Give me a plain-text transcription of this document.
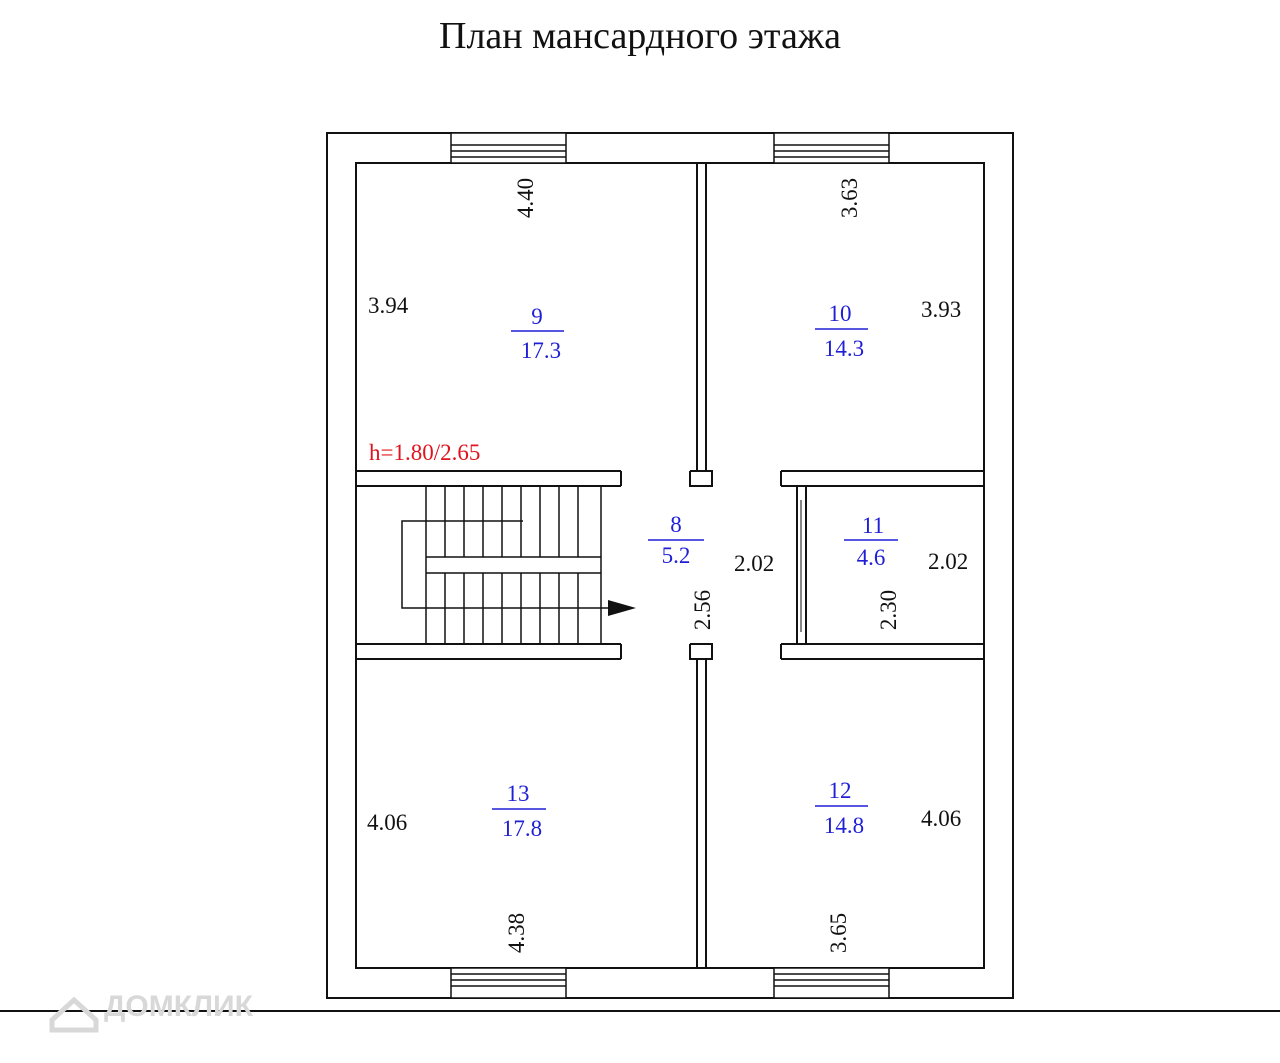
План мансардного этажа
9
17.3
10
14.3
8
5.2
11
4.6
13
17.8
12
14.8
h=1.80/2.65
3.94
4.40	3.63
3.93
2.02
2.56
2.02
2.30
4.06
4.38
4.06
3.65
ДОМКЛИК
